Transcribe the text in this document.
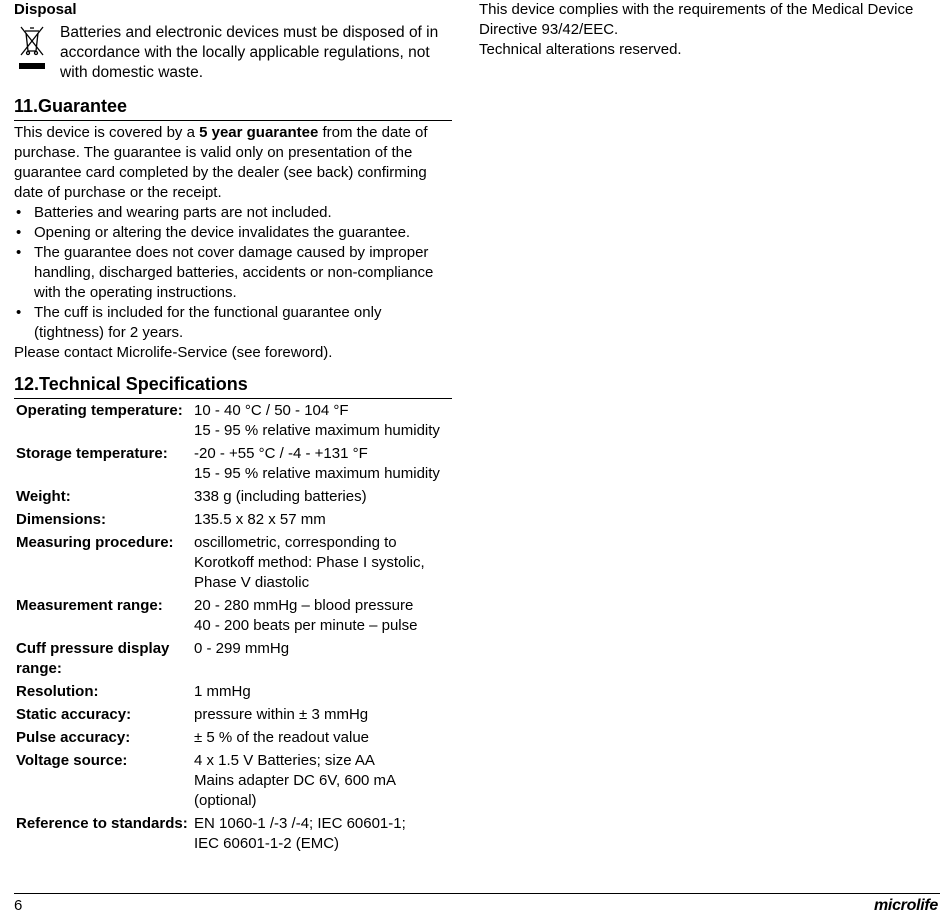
Disposal
Batteries and electronic devices must be disposed of in accordance with the locally applicable regulations, not with domestic waste.
11.Guarantee

This device is covered by a 5 year guarantee from the date of purchase. The guarantee is valid only on presentation of the guarantee card completed by the dealer (see back) confirming date of purchase or the receipt.

• Batteries and wearing parts are not included.
• Opening or altering the device invalidates the guarantee.
• The guarantee does not cover damage caused by improper handling, discharged batteries, accidents or non-compliance with the operating instructions.
• The cuff is included for the functional guarantee only (tightness) for 2 years.

Please contact Microlife-Service (see foreword).

12.Technical Specifications
Operating temperature:	10 - 40 °C / 50 - 104 °F
15 - 95 % relative maximum humidity

Storage temperature:	-20 - +55 °C / -4 - +131 °F
15 - 95 % relative maximum humidity

Weight:	338 g (including batteries)

Dimensions:	135.5 x 82 x 57 mm

Measuring procedure:	oscillometric, corresponding to Korotkoff method: Phase I systolic, Phase V diastolic

Measurement range:	20 - 280 mmHg – blood pressure
40 - 200 beats per minute – pulse

Cuff pressure display range:	0 - 299 mmHg

Resolution:	1 mmHg

Static accuracy:	pressure within ± 3 mmHg

Pulse accuracy:	± 5 % of the readout value

Voltage source:	4 x 1.5 V Batteries; size AA
Mains adapter DC 6V, 600 mA (optional)

Reference to standards:	EN 1060-1 /-3 /-4; IEC 60601-1;
IEC 60601-1-2 (EMC)
This device complies with the requirements of the Medical Device Directive 93/42/EEC.
Technical alterations reserved.
6	microlife
